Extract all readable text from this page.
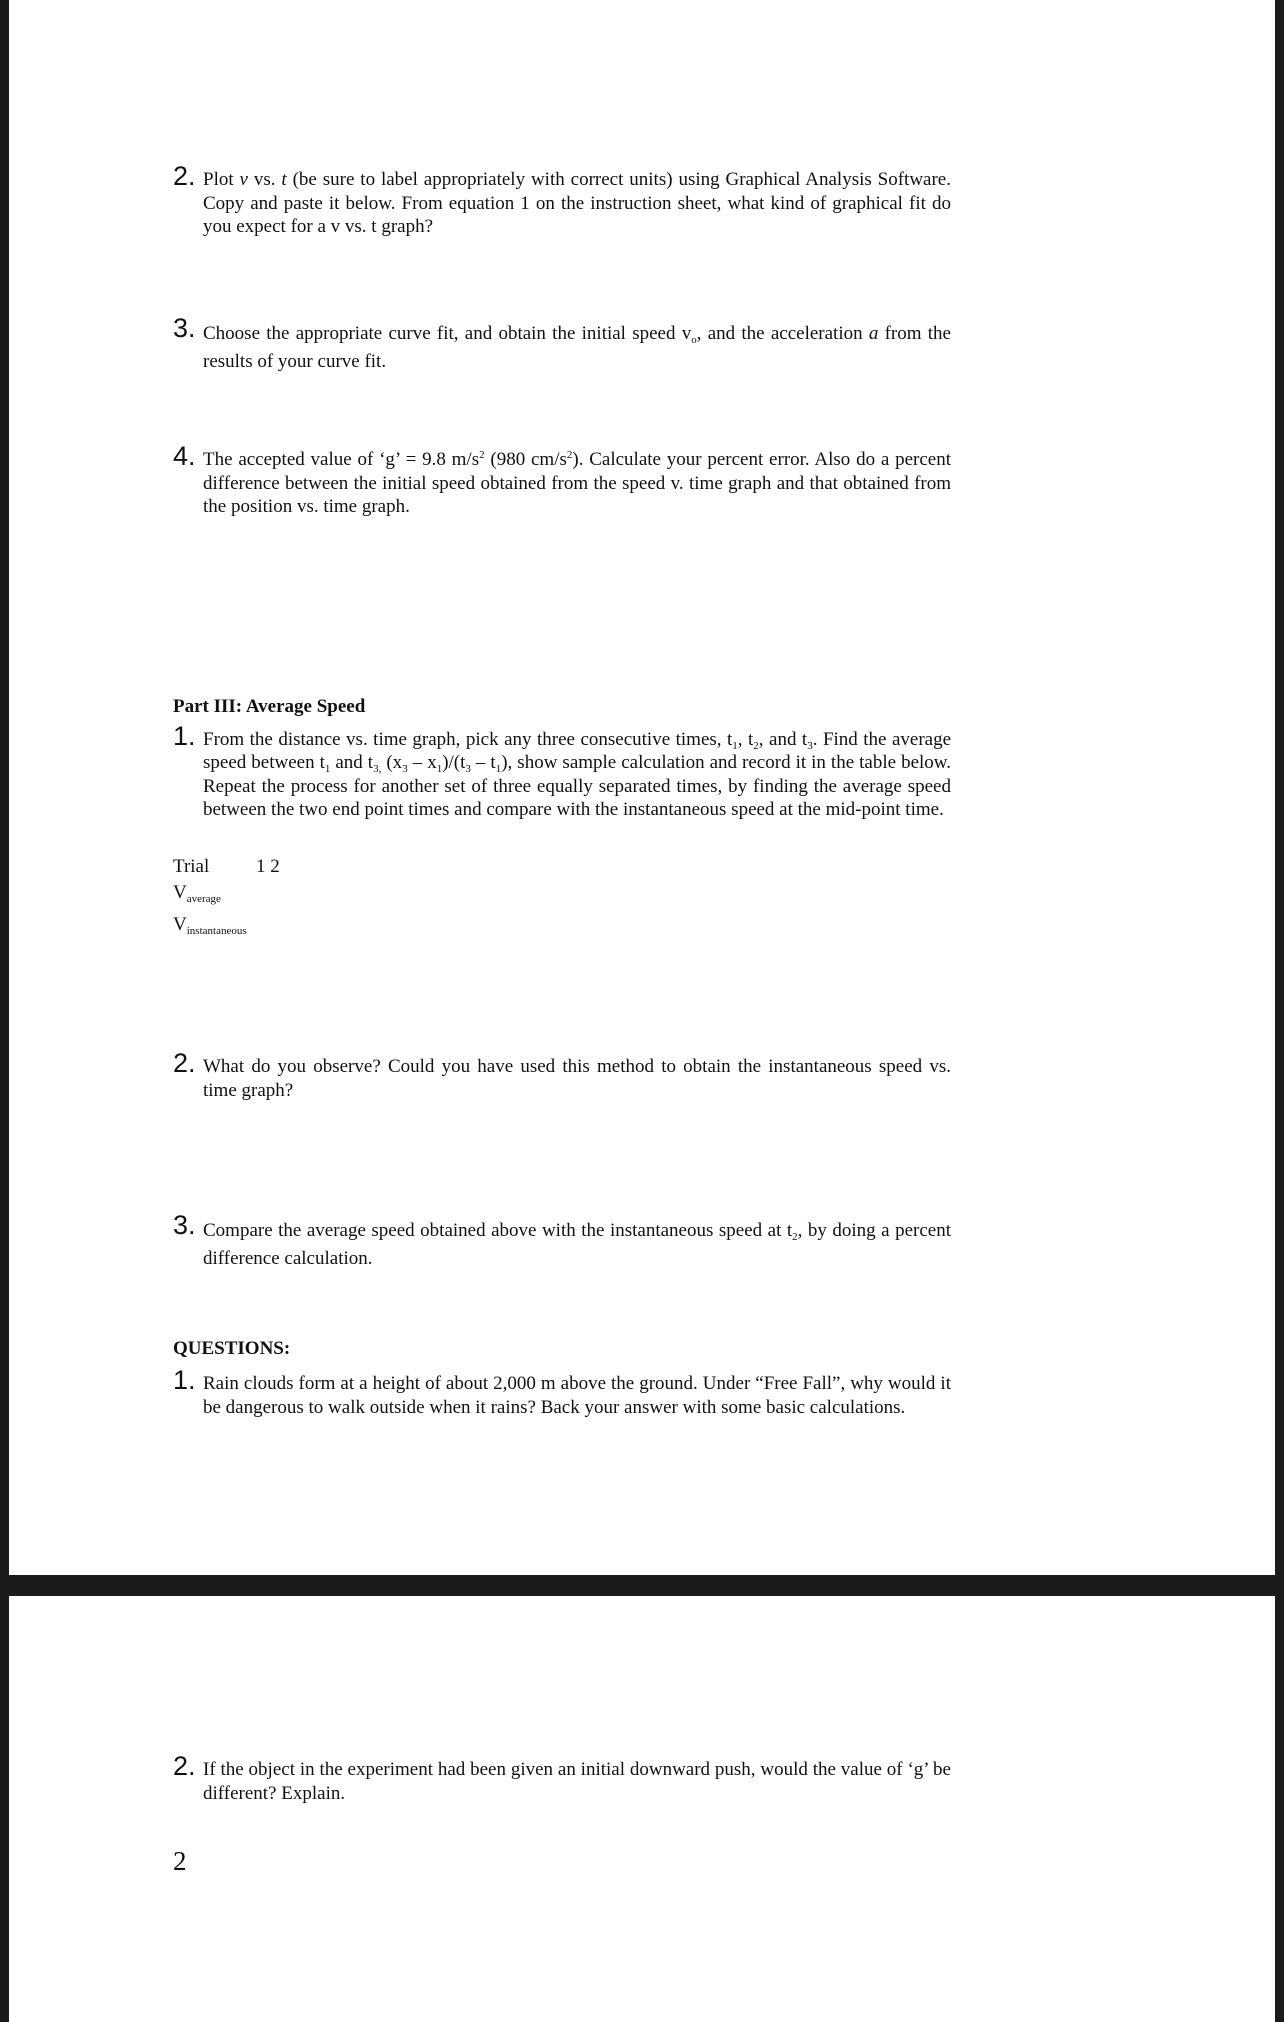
2. Plot v vs. t (be sure to label appropriately with correct units) using Graphical Analysis Software. Copy and paste it below. From equation 1 on the instruction sheet, what kind of graphical fit do you expect for a v vs. t graph?
3. Choose the appropriate curve fit, and obtain the initial speed $v_o$, and the acceleration a from the results of your curve fit.
4. The accepted value of ‘g’ = 9.8 $m/s^2$ (980 $cm/s^2$). Calculate your percent error. Also do a percent difference between the initial speed obtained from the speed v. time graph and that obtained from the position vs. time graph.
Part III: Average Speed
1. From the distance vs. time graph, pick any three consecutive times, $t_1$, $t_2$, and $t_3$. Find the average speed between $t_1$ and $t_{3,}$ $(x_3 - x_1)/(t_3 - t_1)$, show sample calculation and record it in the table below. Repeat the process for another set of three equally separated times, by finding the average speed between the two end point times and compare with the instantaneous speed at the mid-point time.
Trial 1 2
$V_{average}$
$V_{instantaneous}$
2. What do you observe? Could you have used this method to obtain the instantaneous speed vs. time graph?
3. Compare the average speed obtained above with the instantaneous speed at $t_2$, by doing a percent difference calculation.
QUESTIONS:
1. Rain clouds form at a height of about 2,000 m above the ground. Under “Free Fall”, why would it be dangerous to walk outside when it rains? Back your answer with some basic calculations.
2. If the object in the experiment had been given an initial downward push, would the value of ‘g’ be different? Explain.
2
